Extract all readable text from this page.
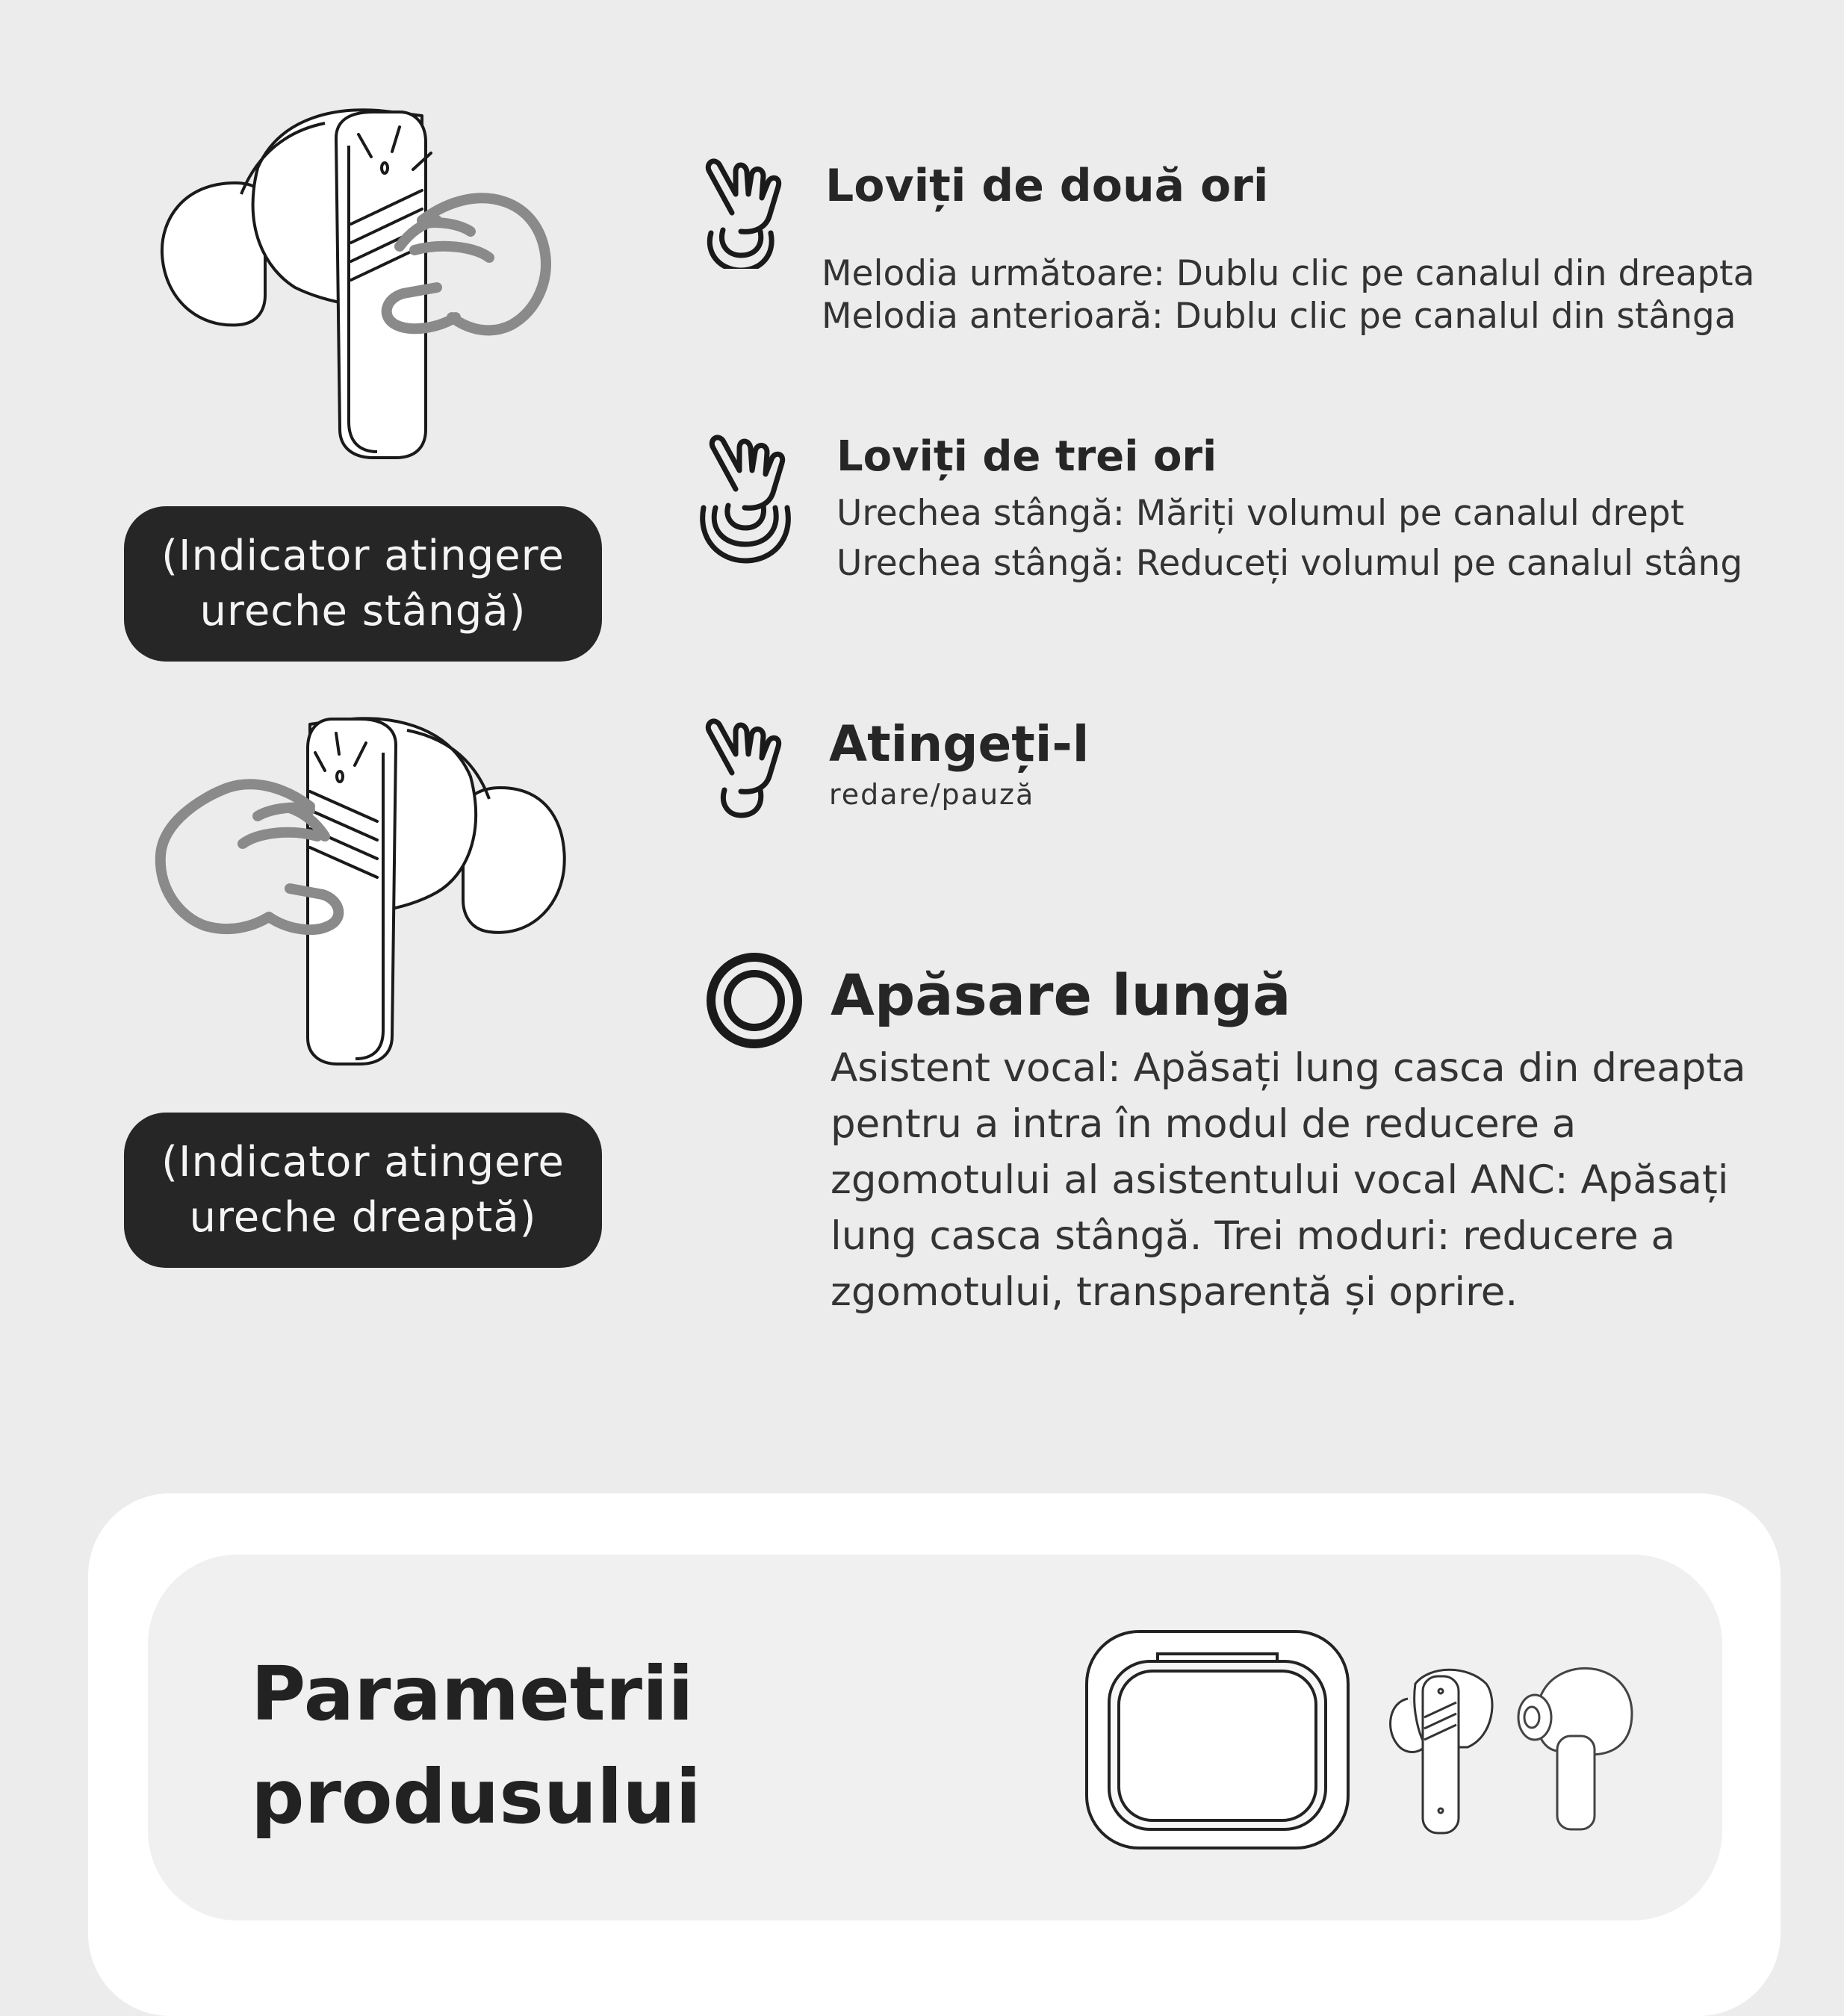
(Indicator atingere
ureche stângă)
(Indicator atingere
ureche dreaptă)
Loviți de două ori
Melodia următoare: Dublu clic pe canalul din dreapta
Melodia anterioară: Dublu clic pe canalul din stânga
Loviți de trei ori
Urechea stângă: Măriți volumul pe canalul drept
Urechea stângă: Reduceți volumul pe canalul stâng
Atingeți-l
redare/pauză
Apăsare lungă
Asistent vocal: Apăsați lung casca din dreapta
pentru a intra în modul de reducere a
zgomotului al asistentului vocal ANC: Apăsați
lung casca stângă. Trei moduri: reducere a
zgomotului, transparență și oprire.
Parametrii
produsului
